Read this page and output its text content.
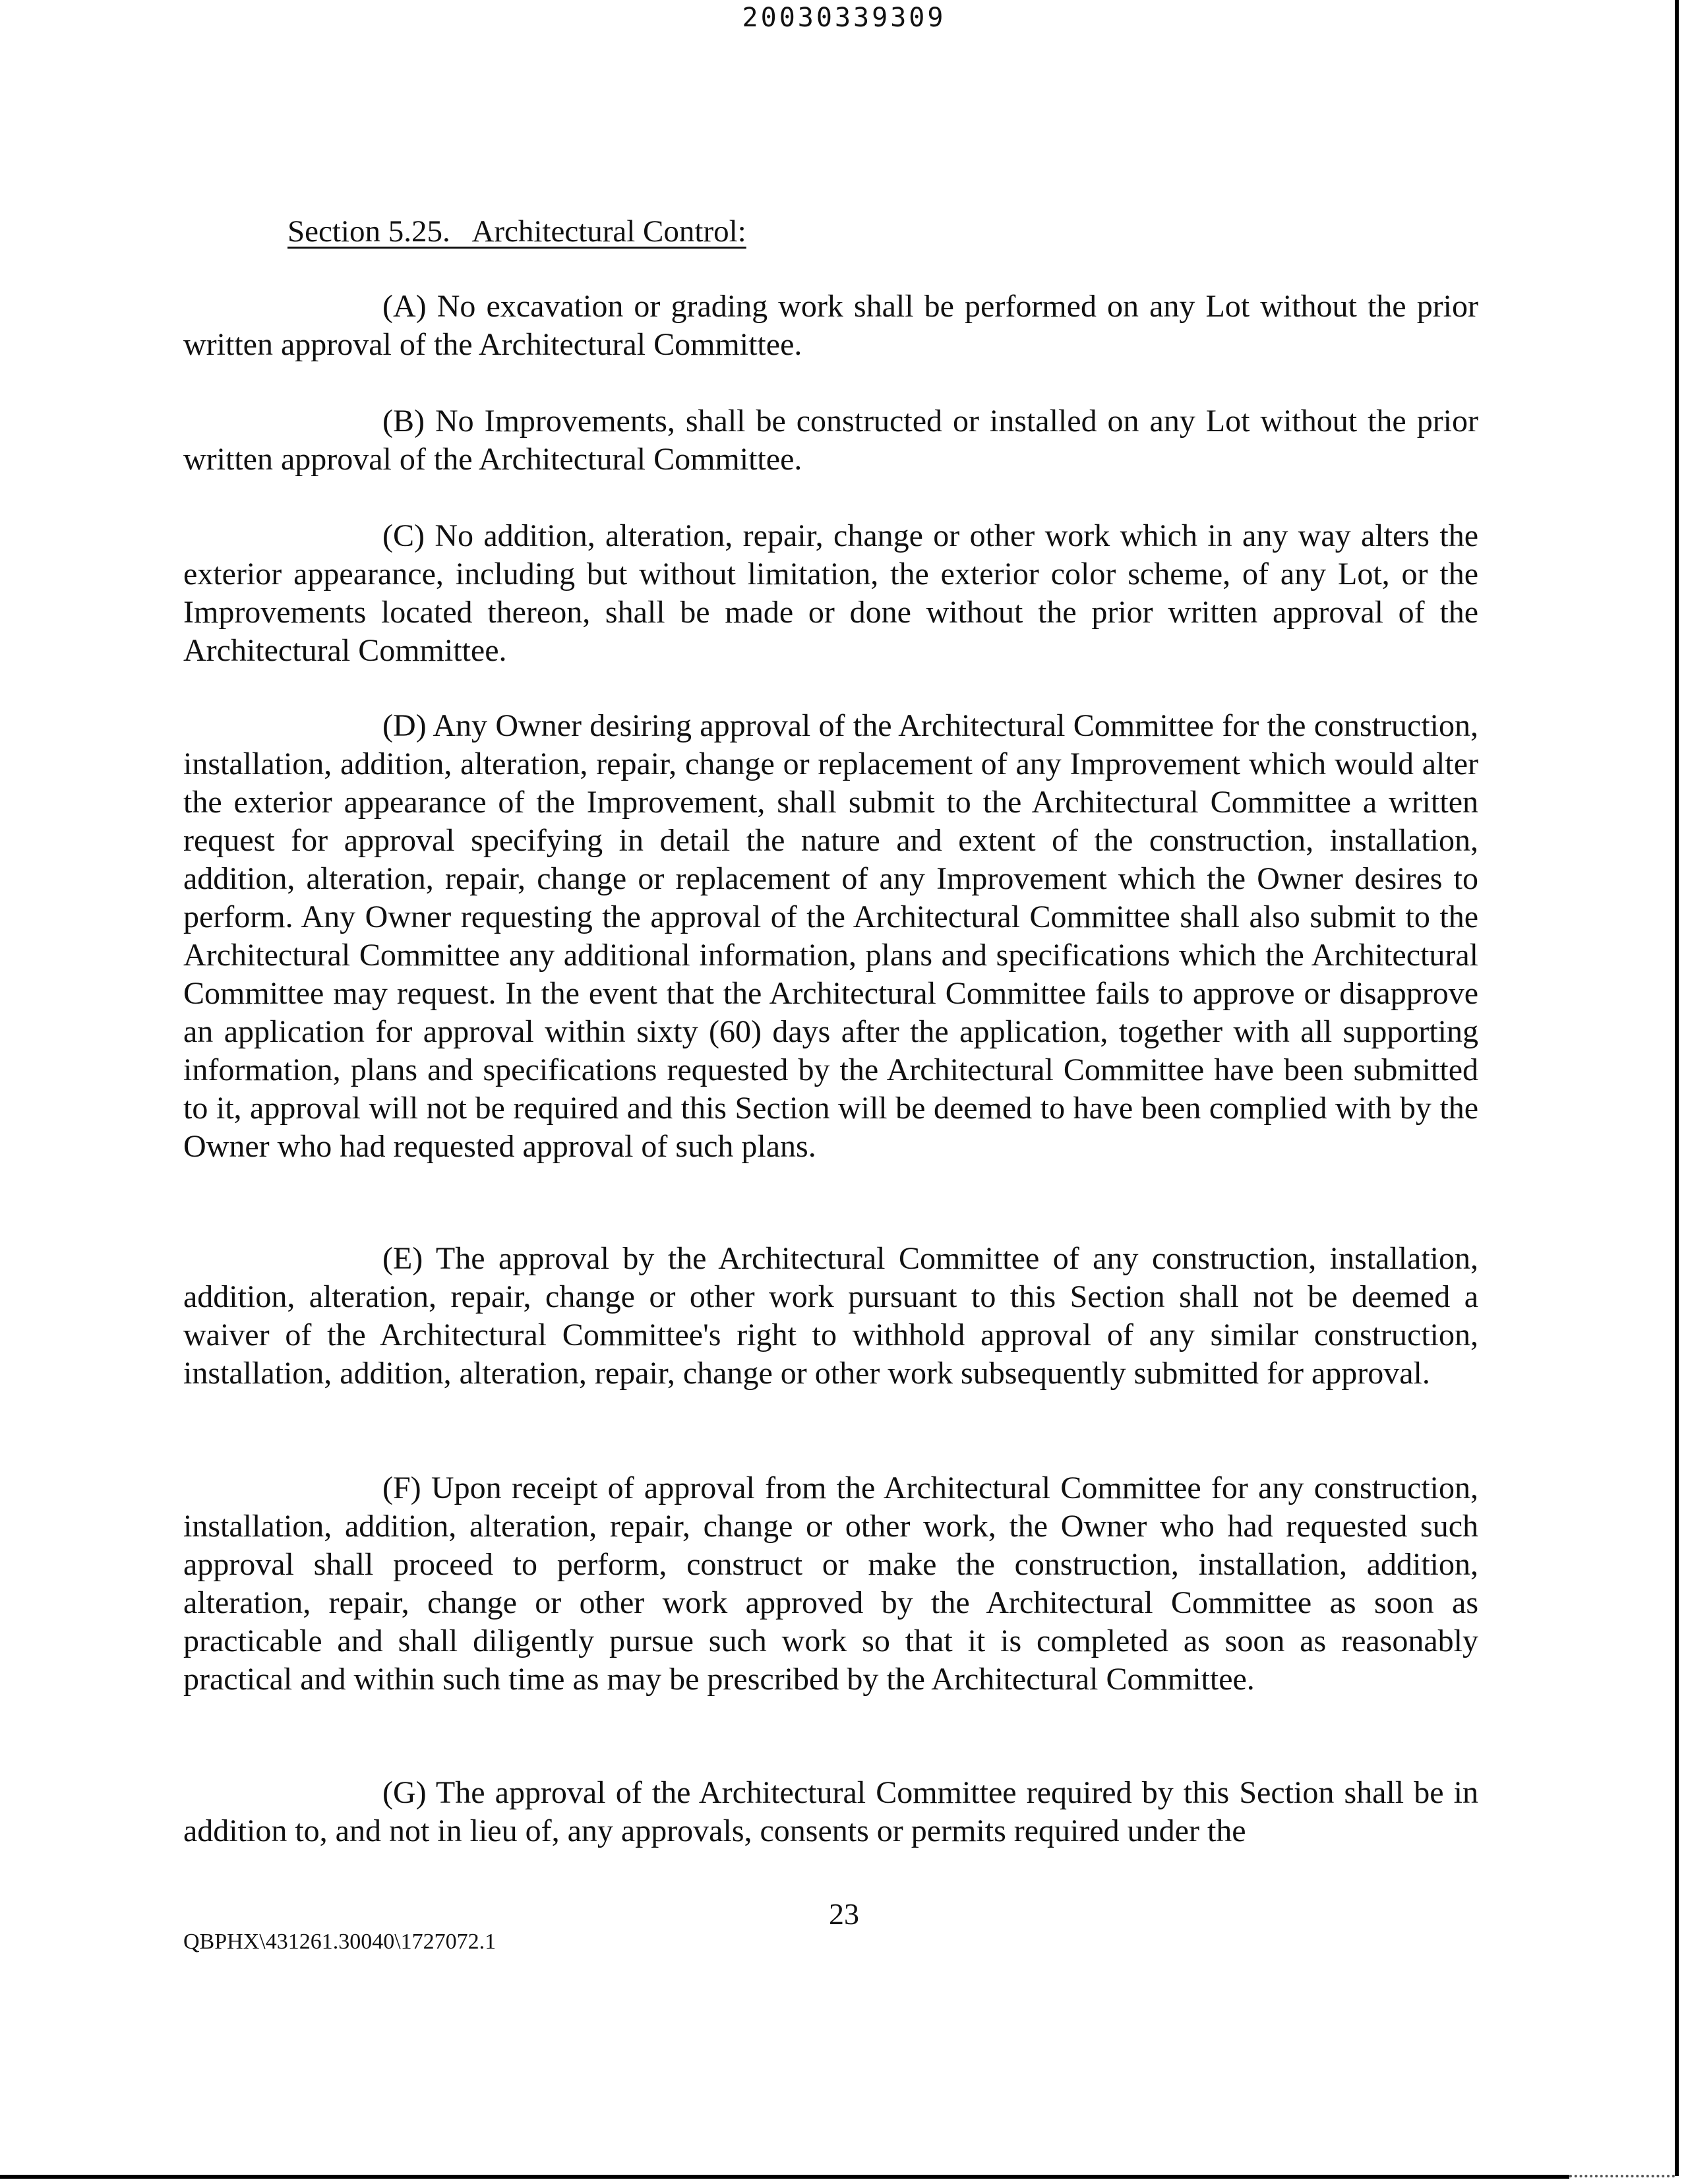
20030339309
Section 5.25.   Architectural Control:

(A) No excavation or grading work shall be performed on any Lot without the prior written approval of the Architectural Committee.

(B) No Improvements, shall be constructed or installed on any Lot without the prior written approval of the Architectural Committee.

(C) No addition, alteration, repair, change or other work which in any way alters the exterior appearance, including but without limitation, the exterior color scheme, of any Lot, or the Improvements located thereon, shall be made or done without the prior written approval of the Architectural Committee.

(D) Any Owner desiring approval of the Architectural Committee for the construction, installation, addition, alteration, repair, change or replacement of any Improvement which would alter the exterior appearance of the Improvement, shall submit to the Architectural Committee a written request for approval specifying in detail the nature and extent of the construction, installation, addition, alteration, repair, change or replacement of any Improvement which the Owner desires to perform. Any Owner requesting the approval of the Architectural Committee shall also submit to the Architectural Committee any additional information, plans and specifications which the Architectural Committee may request. In the event that the Architectural Committee fails to approve or disapprove an application for approval within sixty (60) days after the application, together with all supporting information, plans and specifications requested by the Architectural Committee have been submitted to it, approval will not be required and this Section will be deemed to have been complied with by the Owner who had requested approval of such plans.

(E) The approval by the Architectural Committee of any construction, installation, addition, alteration, repair, change or other work pursuant to this Section shall not be deemed a waiver of the Architectural Committee's right to withhold approval of any similar construction, installation, addition, alteration, repair, change or other work subsequently submitted for approval.

(F) Upon receipt of approval from the Architectural Committee for any construction, installation, addition, alteration, repair, change or other work, the Owner who had requested such approval shall proceed to perform, construct or make the construction, installation, addition, alteration, repair, change or other work approved by the Architectural Committee as soon as practicable and shall diligently pursue such work so that it is completed as soon as reasonably practical and within such time as may be prescribed by the Architectural Committee.

(G) The approval of the Architectural Committee required by this Section shall be in addition to, and not in lieu of, any approvals, consents or permits required under the

23
QBPHX\431261.30040\1727072.1
